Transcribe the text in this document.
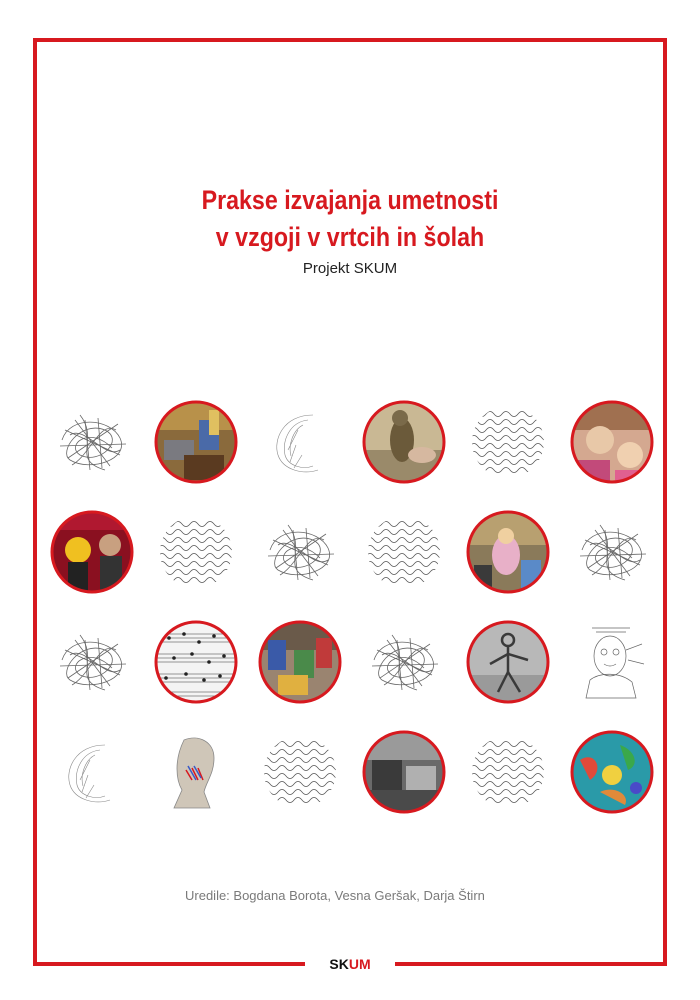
SKUM
Prakse izvajanja umetnosti
v vzgoji v vrtcih in šolah
Projekt SKUM
Uredile: Bogdana Borota, Vesna Geršak, Darja Štirn
